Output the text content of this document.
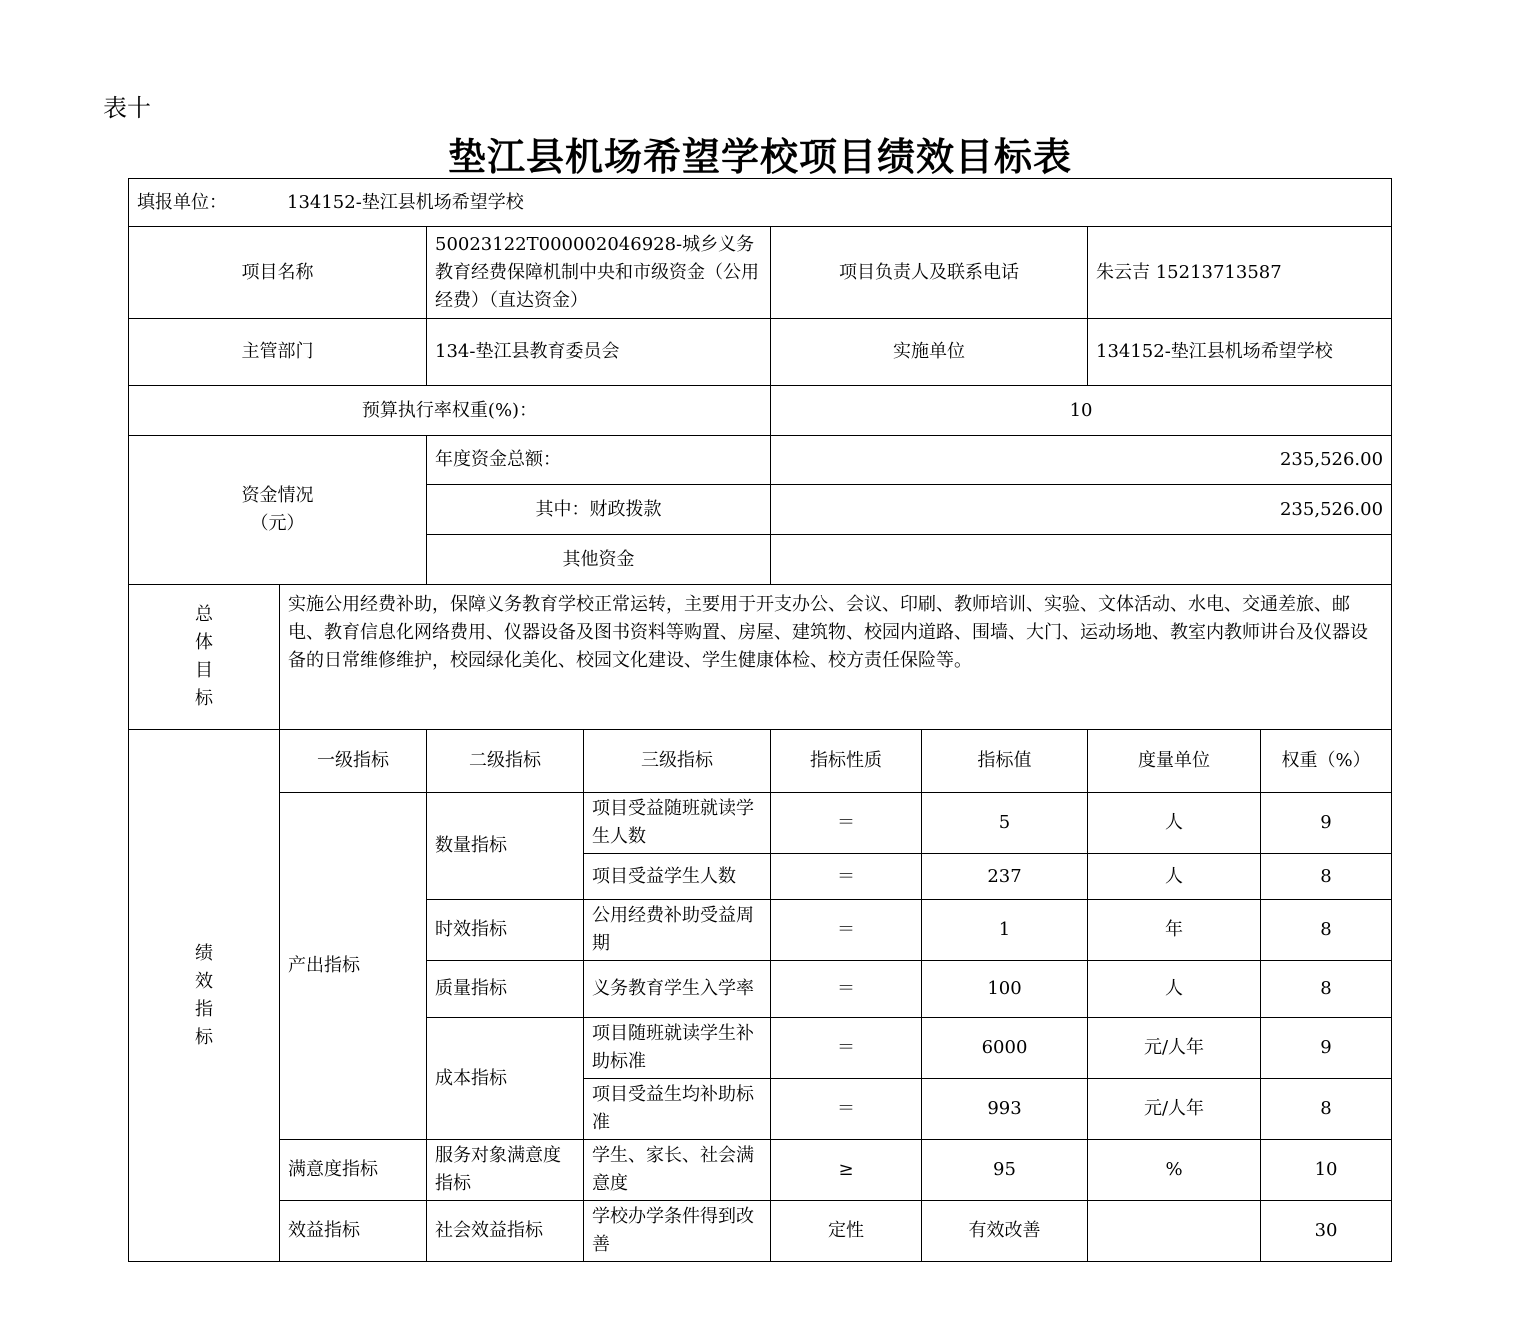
表十
垫江县机场希望学校项目绩效目标表
填报单位： 134152-垫江县机场希望学校							
项目名称		50023122T000002046928-城乡义务教育经费保障机制中央和市级资金（公用经费）（直达资金）		项目负责人及联系电话		朱云吉 15213713587	
主管部门		134-垫江县教育委员会		实施单位		134152-垫江县机场希望学校	
预算执行率权重(%)：				10			

资金情况
（元）		年度资金总额：		235,526.00			
		其中：财政拨款		235,526.00			
		其他资金					

总
体
目
标	实施公用经费补助，保障义务教育学校正常运转，主要用于开支办公、会议、印刷、教师培训、实验、文体活动、水电、交通差旅、邮电、教育信息化网络费用、仪器设备及图书资料等购置、房屋、建筑物、校园内道路、围墙、大门、运动场地、教室内教师讲台及仪器设备的日常维修维护，校园绿化美化、校园文化建设、学生健康体检、校方责任保险等。						

绩
效
指
标	一级指标	二级指标	三级指标	指标性质	指标值	度量单位	权重（%）
	产出指标	数量指标	项目受益随班就读学生人数	＝	5	人	9
			项目受益学生人数	＝	237	人	8
		时效指标	公用经费补助受益周期	＝	1	年	8
		质量指标	义务教育学生入学率	＝	100	人	8
		成本指标	项目随班就读学生补助标准	＝	6000	元/人年	9
			项目受益生均补助标准	＝	993	元/人年	8
	满意度指标	服务对象满意度指标	学生、家长、社会满意度	≥	95	%	10
	效益指标	社会效益指标	学校办学条件得到改善	定性	有效改善		30
